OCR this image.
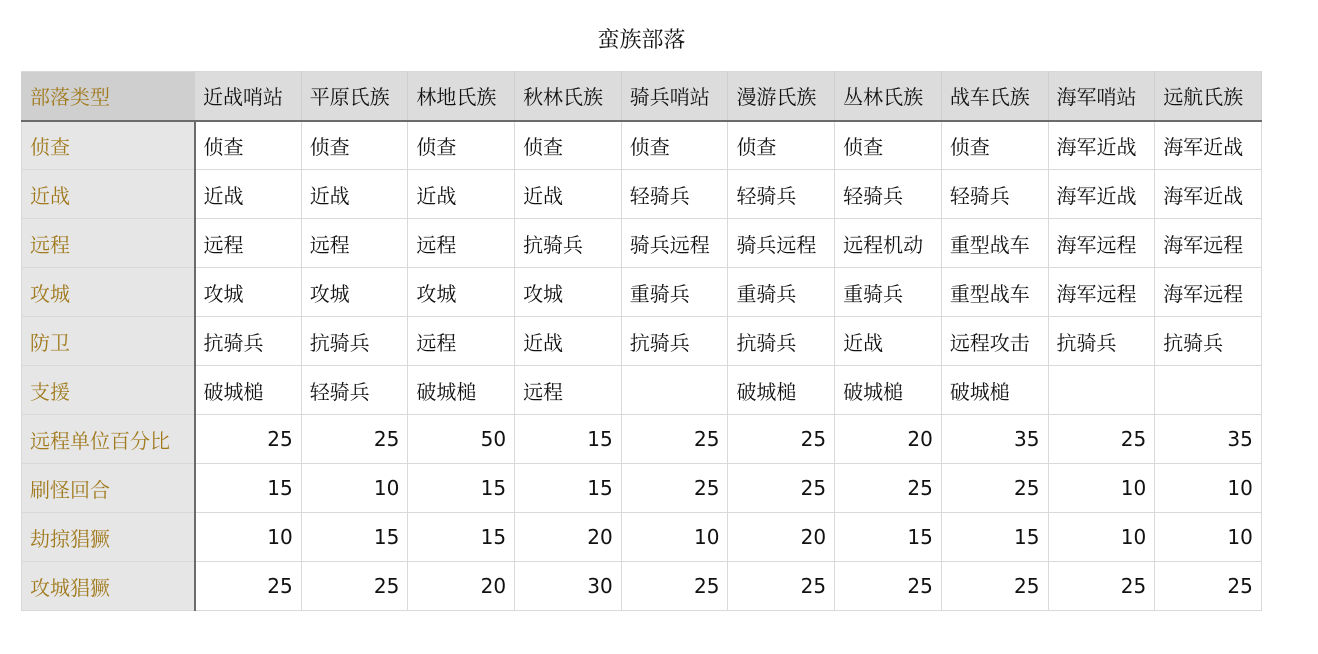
蛮族部落
部落类型	近战哨站	平原氏族	林地氏族	秋林氏族	骑兵哨站	漫游氏族	丛林氏族	战车氏族	海军哨站	远航氏族
侦查	侦查	侦查	侦查	侦查	侦查	侦查	侦查	侦查	海军近战	海军近战
近战	近战	近战	近战	近战	轻骑兵	轻骑兵	轻骑兵	轻骑兵	海军近战	海军近战
远程	远程	远程	远程	抗骑兵	骑兵远程	骑兵远程	远程机动	重型战车	海军远程	海军远程
攻城	攻城	攻城	攻城	攻城	重骑兵	重骑兵	重骑兵	重型战车	海军远程	海军远程
防卫	抗骑兵	抗骑兵	远程	近战	抗骑兵	抗骑兵	近战	远程攻击	抗骑兵	抗骑兵
支援	破城槌	轻骑兵	破城槌	远程		破城槌	破城槌	破城槌		
远程单位百分比	25	25	50	15	25	25	20	35	25	35
刷怪回合	15	10	15	15	25	25	25	25	10	10
劫掠猖獗	10	15	15	20	10	20	15	15	10	10
攻城猖獗	25	25	20	30	25	25	25	25	25	25
